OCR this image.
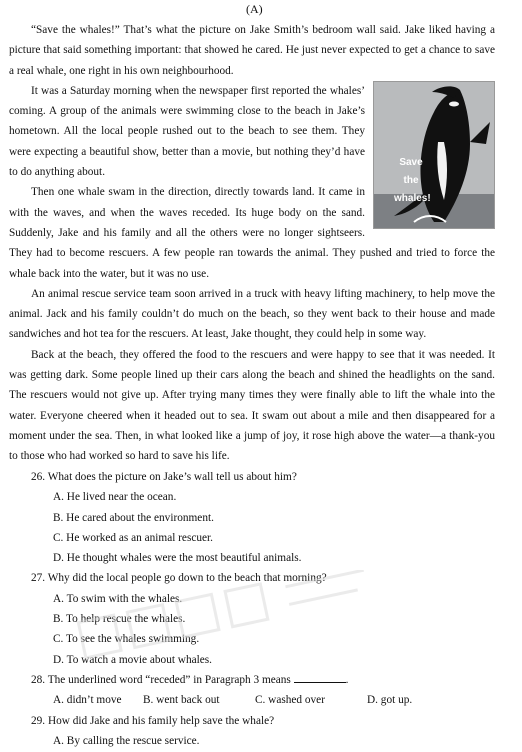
(A)

“Save the whales!” That’s what the picture on Jake Smith’s bedroom wall said. Jake liked having a picture that said something important: that showed he cared. He just never expected to get a chance to save a real whale, one right in his own neighbourhood.

Save
the
whales!

It was a Saturday morning when the newspaper first reported the whales’ coming. A group of the animals were swimming close to the beach in Jake’s hometown. All the local people rushed out to the beach to see them. They were expecting a beautiful show, better than a movie, but nothing they’d have to do anything about.

Then one whale swam in the direction, directly towards land. It came in with the waves, and when the waves receded. Its huge body on the sand. Suddenly, Jake and his family and all the others were no longer sightseers. They had to become rescuers. A few people ran towards the animal. They pushed and tried to force the whale back into the water, but it was no use.

An animal rescue service team soon arrived in a truck with heavy lifting machinery, to help move the animal. Jack and his family couldn’t do much on the beach, so they went back to their house and made sandwiches and hot tea for the rescuers. At least, Jake thought, they could help in some way.

Back at the beach, they offered the food to the rescuers and were happy to see that it was needed. It was getting dark. Some people lined up their cars along the beach and shined the headlights on the sand. The rescuers would not give up. After trying many times they were finally able to lift the whale into the water. Everyone cheered when it headed out to sea. It swam out about a mile and then disappeared for a moment under the sea. Then, in what looked like a jump of joy, it rose high above the water—a thank-you to those who had worked so hard to save his life.

26. What does the picture on Jake’s wall tell us about him?

A. He lived near the ocean.

B. He cared about the environment.

C. He worked as an animal rescuer.

D. He thought whales were the most beautiful animals.

27. Why did the local people go down to the beach that morning?

A. To swim with the whales.

B. To help rescue the whales.

C. To see the whales swimming.

D. To watch a movie about whales.

28. The underlined word “receded” in Paragraph 3 means	.

A. didn’t move	B. went back out	C. washed over	D. got up.

29. How did Jake and his family help save the whale?

A. By calling the rescue service.
